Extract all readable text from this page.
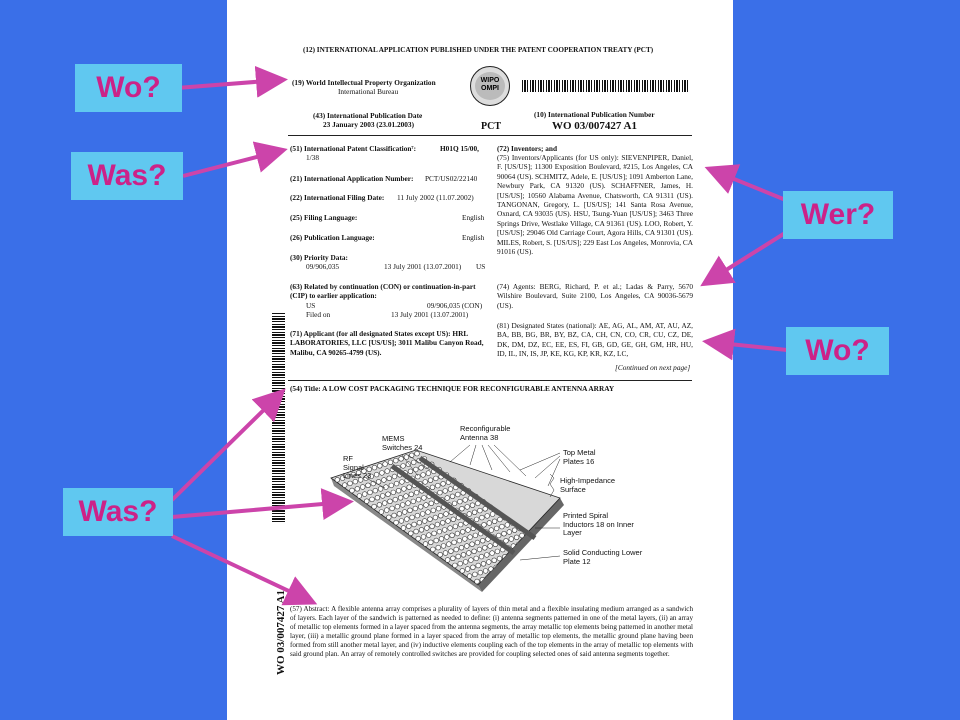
(12) INTERNATIONAL APPLICATION PUBLISHED UNDER THE PATENT COOPERATION TREATY (PCT)
(19) World Intellectual Property Organization
International Bureau
WIPO OMPI
(43) International Publication Date
23 January 2003 (23.01.2003)	PCT
(10) International Publication Number
WO 03/007427 A1
(51) International Patent Classification⁷:	H01Q 15/00,
1/38
(21) International Application Number: PCT/US02/22140
(22) International Filing Date: 11 July 2002 (11.07.2002)
(25) Filing Language:	English
(26) Publication Language:	English
(30) Priority Data:
09/906,035	13 July 2001 (13.07.2001) US
(63) Related by continuation (CON) or continuation-in-part (CIP) to earlier application:
US	09/906,035 (CON)
Filed on	13 July 2001 (13.07.2001)
(71) Applicant (for all designated States except US): HRL LABORATORIES, LLC [US/US]; 3011 Malibu Canyon Road, Malibu, CA 90265-4799 (US).
(72) Inventors; and
(75) Inventors/Applicants (for US only): SIEVENPIPER, Daniel, F. [US/US]; 11300 Exposition Boulevard, #215, Los Angeles, CA 90064 (US). SCHMITZ, Adele, E. [US/US]; 1091 Amberton Lane, Newbury Park, CA 91320 (US). SCHAFFNER, James, H. [US/US]; 10560 Alabama Avenue, Chatsworth, CA 91311 (US). TANGONAN, Gregory, L. [US/US]; 141 Santa Rosa Avenue, Oxnard, CA 93035 (US). HSU, Tsung-Yuan [US/US]; 3463 Three Springs Drive, Westlake Village, CA 91361 (US). LOO, Robert, Y. [US/US]; 29046 Old Carriage Court, Agora Hills, CA 91301 (US). MILES, Robert, S. [US/US]; 229 East Los Angeles, Monrovia, CA 91016 (US).
(74) Agents: BERG, Richard, P. et al.; Ladas & Parry, 5670 Wilshire Boulevard, Suite 2100, Los Angeles, CA 90036-5679 (US).
(81) Designated States (national): AE, AG, AL, AM, AT, AU, AZ, BA, BB, BG, BR, BY, BZ, CA, CH, CN, CO, CR, CU, CZ, DE, DK, DM, DZ, EC, EE, ES, FI, GB, GD, GE, GH, GM, HR, HU, ID, IL, IN, IS, JP, KE, KG, KP, KR, KZ, LC,
[Continued on next page]
(54) Title: A LOW COST PACKAGING TECHNIQUE FOR RECONFIGURABLE ANTENNA ARRAY
WO 03/007427 A1
MEMS Switches 24
Reconfigurable Antenna 38
RF Signal Lines 23
Top Metal Plates 16
High-Impedance Surface
Printed Spiral Inductors 18 on Inner Layer
Solid Conducting Lower Plate 12
(57) Abstract: A flexible antenna array comprises a plurality of layers of thin metal and a flexible insulating medium arranged as a sandwich of layers. Each layer of the sandwich is patterned as needed to define: (i) antenna segments patterned in one of the metal layers, (ii) an array of metallic top elements formed in a layer spaced from the antenna segments, the array metallic top elements being patterned in another metal layer, (iii) a metallic ground plane formed in a layer spaced from the array of metallic top elements, the metallic ground plane having been formed from still another metal layer, and (iv) inductive elements coupling each of the top elements in the array of metallic top elements with said ground plan. An array of remotely controlled switches are provided for coupling selected ones of said antenna segments together.
Wo?
Was?
Wer?
Wo?
Was?
